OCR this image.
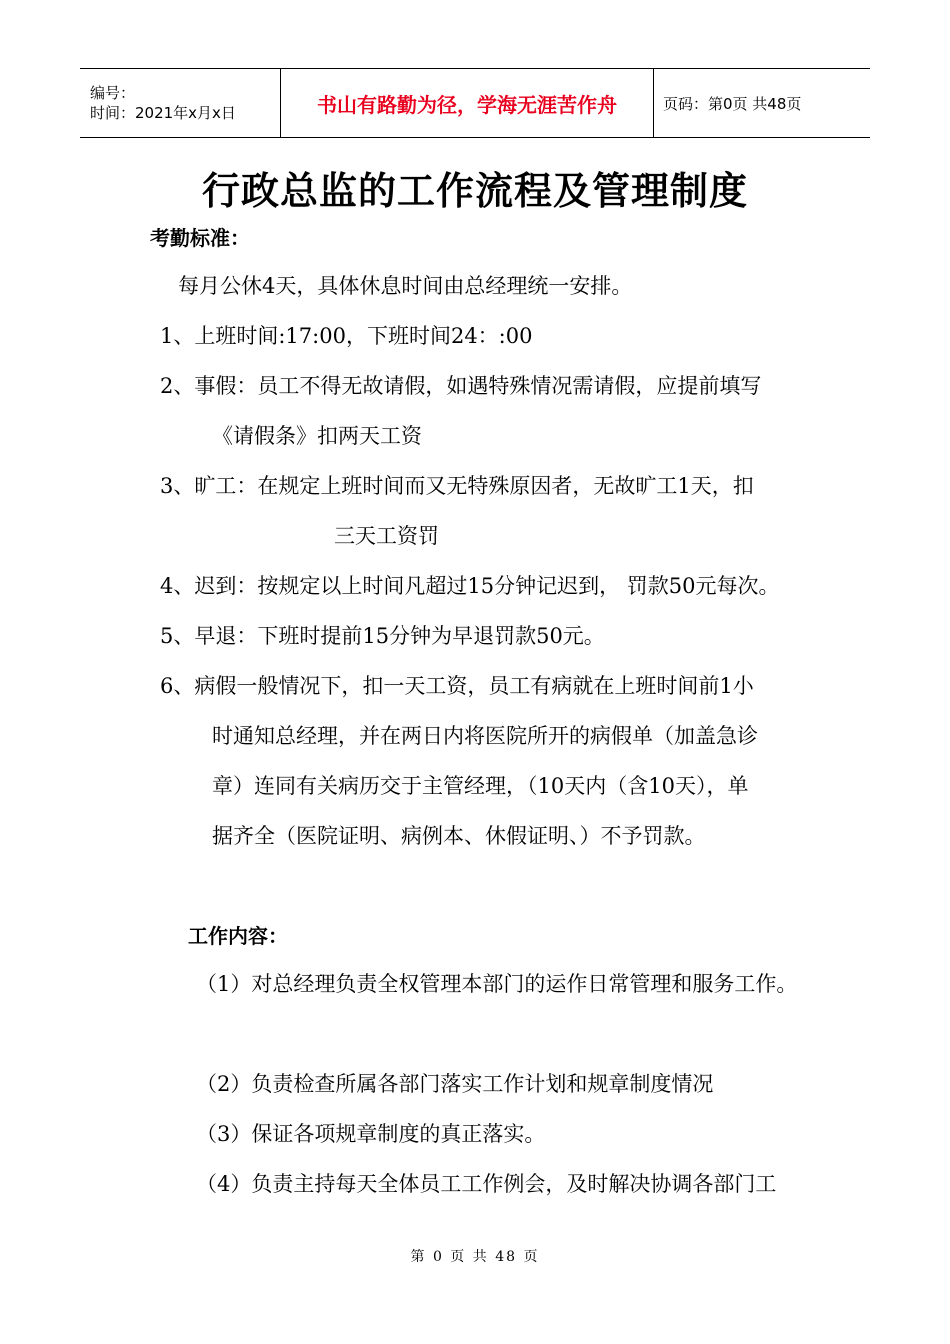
编号：
时间：2021年x月x日	书山有路勤为径，学海无涯苦作舟	页码：第0页 共48页
行政总监的工作流程及管理制度
考勤标准：
每月公休4天，具体休息时间由总经理统一安排。
1、上班时间:17:00，下班时间24：:00
2、事假：员工不得无故请假，如遇特殊情况需请假，应提前填写
《请假条》扣两天工资
3、旷工：在规定上班时间而又无特殊原因者，无故旷工1天，扣
三天工资罚
4、迟到：按规定以上时间凡超过15分钟记迟到， 罚款50元每次。
5、早退：下班时提前15分钟为早退罚款50元。
6、病假一般情况下，扣一天工资，员工有病就在上班时间前1小
时通知总经理，并在两日内将医院所开的病假单（加盖急诊
章）连同有关病历交于主管经理，（10天内（含10天），单
据齐全（医院证明、病例本、休假证明、）不予罚款。
工作内容：
（1）对总经理负责全权管理本部门的运作日常管理和服务工作。
（2）负责检查所属各部门落实工作计划和规章制度情况
（3）保证各项规章制度的真正落实。
（4）负责主持每天全体员工工作例会，及时解决协调各部门工
第 0 页 共 48 页
